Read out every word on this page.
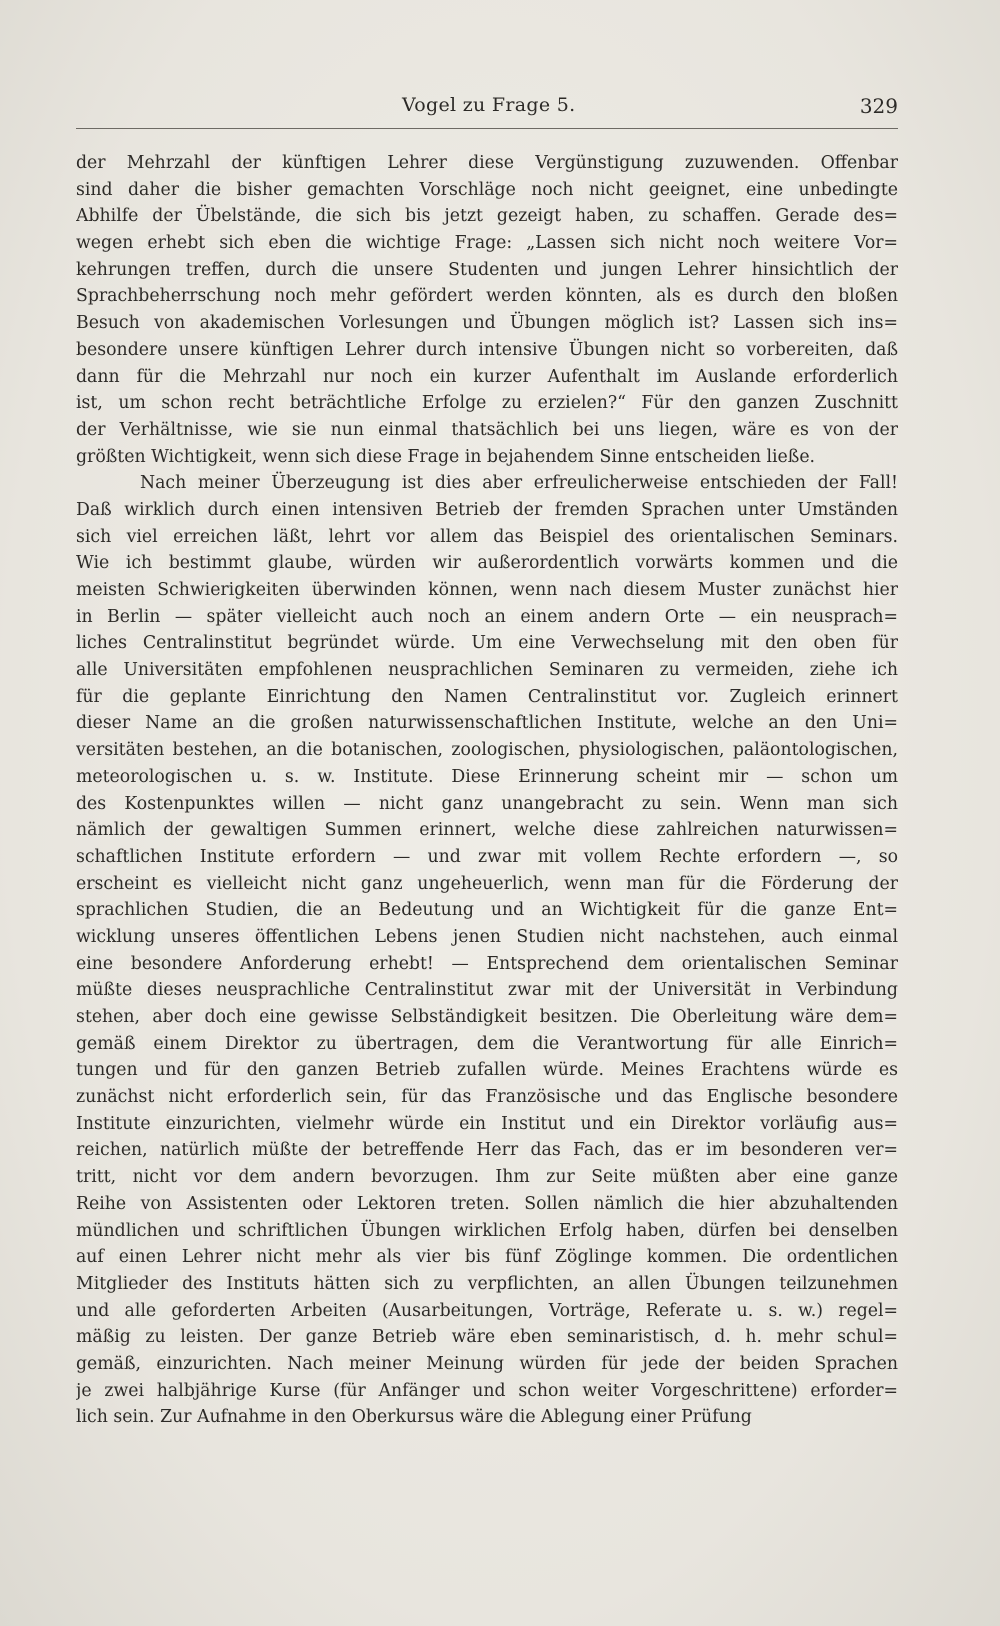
Vogel zu Frage 5.	329
der Mehrzahl der künftigen Lehrer diese Vergünstigung zuzuwenden. Offenbar
sind daher die bisher gemachten Vorschläge noch nicht geeignet, eine unbedingte
Abhilfe der Übelstände, die sich bis jetzt gezeigt haben, zu schaffen. Gerade des=
wegen erhebt sich eben die wichtige Frage: „Lassen sich nicht noch weitere Vor=
kehrungen treffen, durch die unsere Studenten und jungen Lehrer hinsichtlich der
Sprachbeherrschung noch mehr gefördert werden könnten, als es durch den bloßen
Besuch von akademischen Vorlesungen und Übungen möglich ist? Lassen sich ins=
besondere unsere künftigen Lehrer durch intensive Übungen nicht so vorbereiten, daß
dann für die Mehrzahl nur noch ein kurzer Aufenthalt im Auslande erforderlich
ist, um schon recht beträchtliche Erfolge zu erzielen?“ Für den ganzen Zuschnitt
der Verhältnisse, wie sie nun einmal thatsächlich bei uns liegen, wäre es von der
größten Wichtigkeit, wenn sich diese Frage in bejahendem Sinne entscheiden ließe.
Nach meiner Überzeugung ist dies aber erfreulicherweise entschieden der Fall!
Daß wirklich durch einen intensiven Betrieb der fremden Sprachen unter Umständen
sich viel erreichen läßt, lehrt vor allem das Beispiel des orientalischen Seminars.
Wie ich bestimmt glaube, würden wir außerordentlich vorwärts kommen und die
meisten Schwierigkeiten überwinden können, wenn nach diesem Muster zunächst hier
in Berlin — später vielleicht auch noch an einem andern Orte — ein neusprach=
liches Centralinstitut begründet würde. Um eine Verwechselung mit den oben für
alle Universitäten empfohlenen neusprachlichen Seminaren zu vermeiden, ziehe ich
für die geplante Einrichtung den Namen Centralinstitut vor. Zugleich erinnert
dieser Name an die großen naturwissenschaftlichen Institute, welche an den Uni=
versitäten bestehen, an die botanischen, zoologischen, physiologischen, paläontologischen,
meteorologischen u. s. w. Institute. Diese Erinnerung scheint mir — schon um
des Kostenpunktes willen — nicht ganz unangebracht zu sein. Wenn man sich
nämlich der gewaltigen Summen erinnert, welche diese zahlreichen naturwissen=
schaftlichen Institute erfordern — und zwar mit vollem Rechte erfordern —, so
erscheint es vielleicht nicht ganz ungeheuerlich, wenn man für die Förderung der
sprachlichen Studien, die an Bedeutung und an Wichtigkeit für die ganze Ent=
wicklung unseres öffentlichen Lebens jenen Studien nicht nachstehen, auch einmal
eine besondere Anforderung erhebt! — Entsprechend dem orientalischen Seminar
müßte dieses neusprachliche Centralinstitut zwar mit der Universität in Verbindung
stehen, aber doch eine gewisse Selbständigkeit besitzen. Die Oberleitung wäre dem=
gemäß einem Direktor zu übertragen, dem die Verantwortung für alle Einrich=
tungen und für den ganzen Betrieb zufallen würde. Meines Erachtens würde es
zunächst nicht erforderlich sein, für das Französische und das Englische besondere
Institute einzurichten, vielmehr würde ein Institut und ein Direktor vorläufig aus=
reichen, natürlich müßte der betreffende Herr das Fach, das er im besonderen ver=
tritt, nicht vor dem andern bevorzugen. Ihm zur Seite müßten aber eine ganze
Reihe von Assistenten oder Lektoren treten. Sollen nämlich die hier abzuhaltenden
mündlichen und schriftlichen Übungen wirklichen Erfolg haben, dürfen bei denselben
auf einen Lehrer nicht mehr als vier bis fünf Zöglinge kommen. Die ordentlichen
Mitglieder des Instituts hätten sich zu verpflichten, an allen Übungen teilzunehmen
und alle geforderten Arbeiten (Ausarbeitungen, Vorträge, Referate u. s. w.) regel=
mäßig zu leisten. Der ganze Betrieb wäre eben seminaristisch, d. h. mehr schul=
gemäß, einzurichten. Nach meiner Meinung würden für jede der beiden Sprachen
je zwei halbjährige Kurse (für Anfänger und schon weiter Vorgeschrittene) erforder=
lich sein. Zur Aufnahme in den Oberkursus wäre die Ablegung einer Prüfung
